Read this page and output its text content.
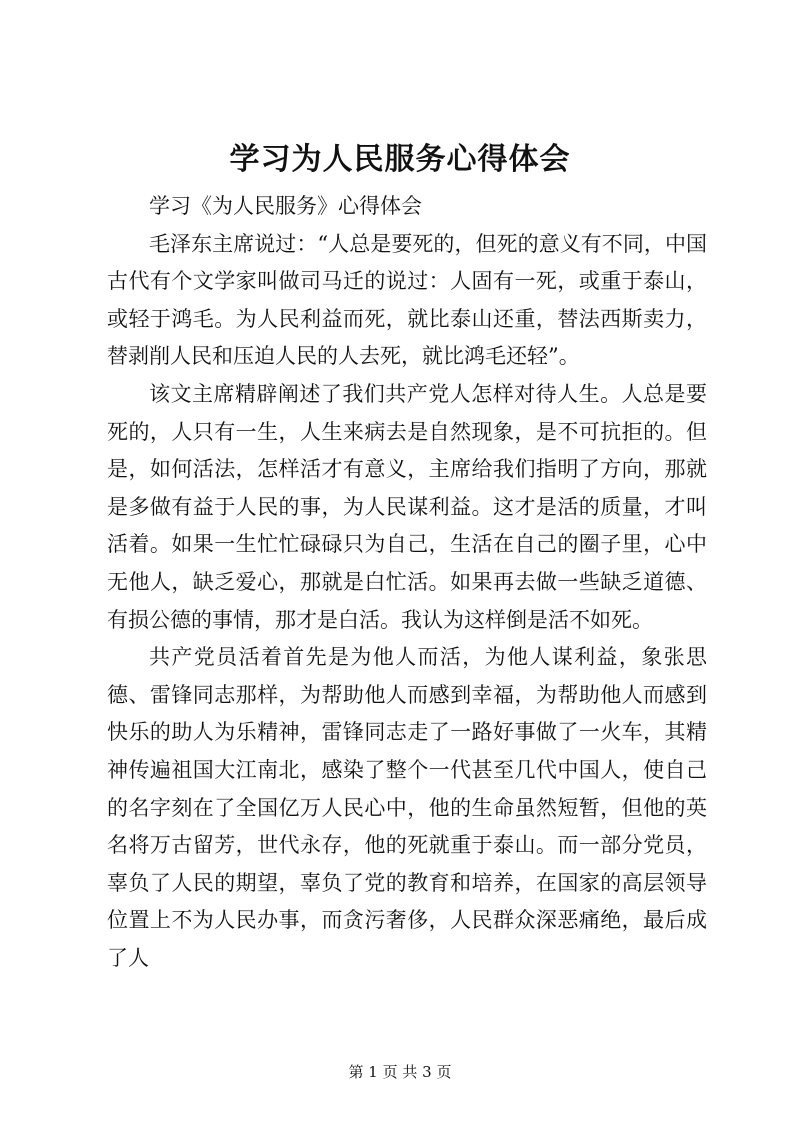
学习为人民服务心得体会

学习《为人民服务》心得体会

毛泽东主席说过：“人总是要死的，但死的意义有不同，中国古代有个文学家叫做司马迁的说过：人固有一死，或重于泰山，或轻于鸿毛。为人民利益而死，就比泰山还重，替法西斯卖力，替剥削人民和压迫人民的人去死，就比鸿毛还轻”。

该文主席精辟阐述了我们共产党人怎样对待人生。人总是要死的，人只有一生，人生来病去是自然现象，是不可抗拒的。但是，如何活法，怎样活才有意义，主席给我们指明了方向，那就是多做有益于人民的事，为人民谋利益。这才是活的质量，才叫活着。如果一生忙忙碌碌只为自己，生活在自己的圈子里，心中无他人，缺乏爱心，那就是白忙活。如果再去做一些缺乏道德、有损公德的事情，那才是白活。我认为这样倒是活不如死。

共产党员活着首先是为他人而活，为他人谋利益，象张思德、雷锋同志那样，为帮助他人而感到幸福，为帮助他人而感到快乐的助人为乐精神，雷锋同志走了一路好事做了一火车，其精神传遍祖国大江南北，感染了整个一代甚至几代中国人，使自己的名字刻在了全国亿万人民心中，他的生命虽然短暂，但他的英名将万古留芳，世代永存，他的死就重于泰山。而一部分党员，辜负了人民的期望，辜负了党的教育和培养，在国家的高层领导位置上不为人民办事，而贪污奢侈，人民群众深恶痛绝，最后成了人

第 1 页 共 3 页
